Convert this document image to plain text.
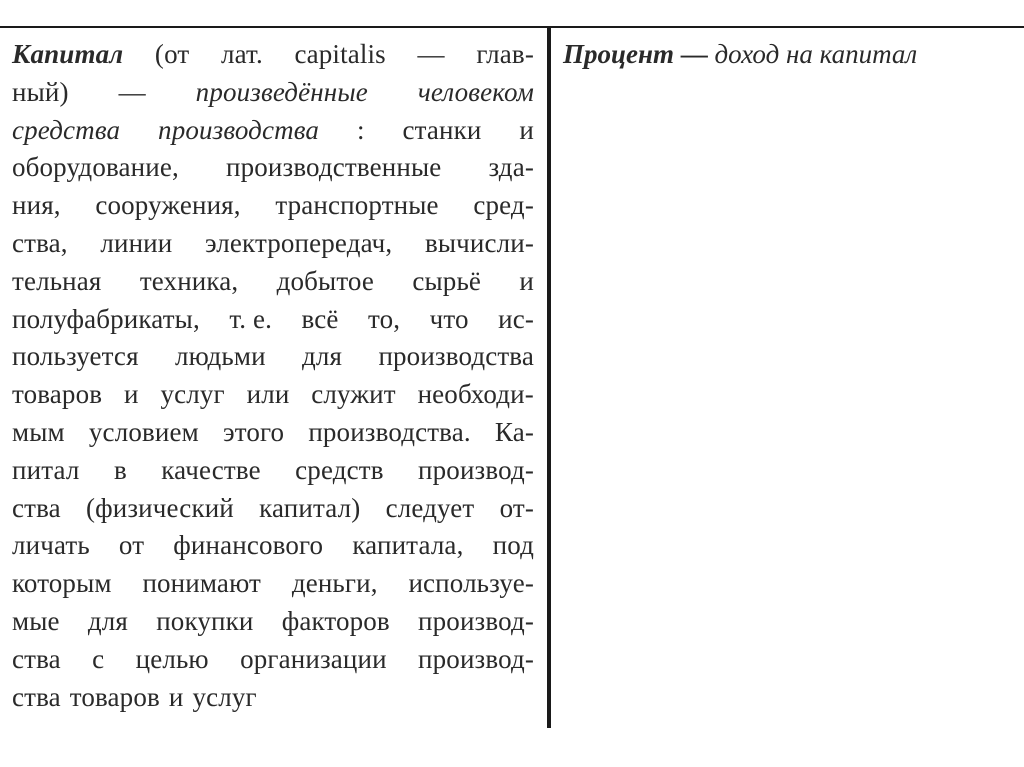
Капитал (от лат. capitalis — глав-
ный) — произведённые человеком
средства производства : станки и
оборудование, производственные зда-
ния, сооружения, транспортные сред-
ства, линии электропередач, вычисли-
тельная техника, добытое сырьё и
полуфабрикаты, т. е. всё то, что ис-
пользуется людьми для производства
товаров и услуг или служит необходи-
мым условием этого производства. Ка-
питал в качестве средств производ-
ства (физический капитал) следует от-
личать от финансового капитала, под
которым понимают деньги, используе-
мые для покупки факторов производ-
ства с целью организации производ-
ства товаров и услуг
Процент — доход на капитал
